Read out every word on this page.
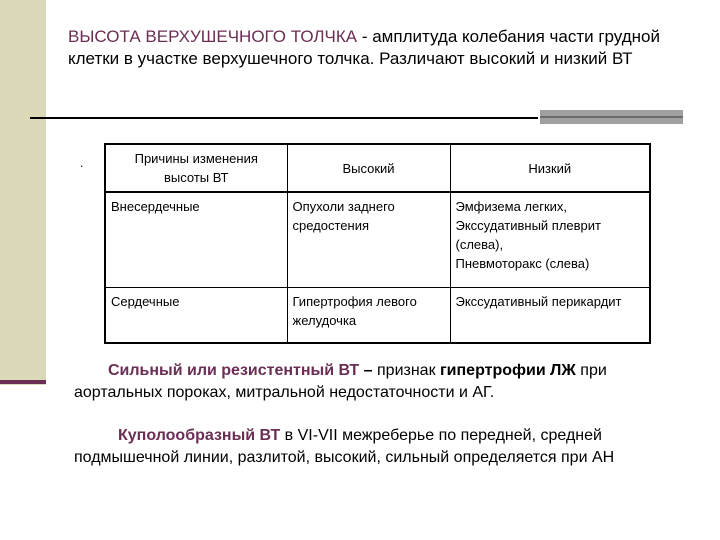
ВЫСОТА ВЕРХУШЕЧНОГО ТОЛЧКА - амплитуда колебания части грудной клетки в участке верхушечного толчка. Различают высокий и низкий ВТ
.	Причины изменения высоты ВТ	Высокий	Низкий
Внесердечные	Опухоли заднего средостения	Эмфизема легких,
Экссудативный плеврит (слева),
Пневмоторакс (слева)

Сердечные	Гипертрофия левого желудочка	Экссудативный перикардит
Сильный или резистентный ВТ – признак гипертрофии ЛЖ при аортальных пороках, митральной недостаточности и АГ.
Куполообразный ВТ в VI-VII межреберье по передней, средней подмышечной линии, разлитой, высокий, сильный определяется при АН
